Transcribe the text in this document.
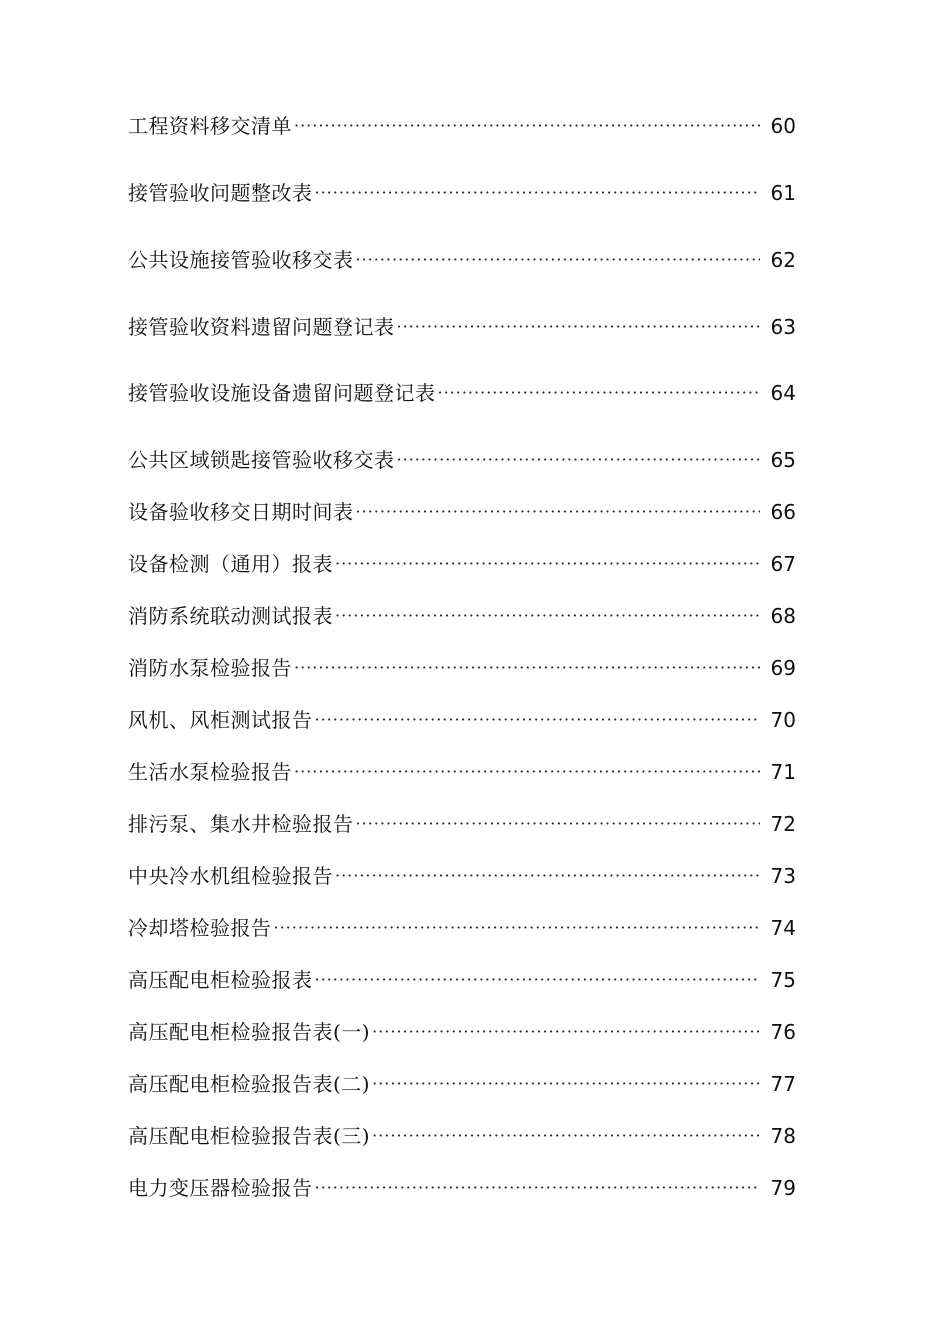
工程资料移交清单 ·····	60
接管验收问题整改表 ·····	61
公共设施接管验收移交表 ·····	62
接管验收资料遗留问题登记表 ·····	63
接管验收设施设备遗留问题登记表 ·····	64
公共区域锁匙接管验收移交表 ·····	65
设备验收移交日期时间表 ·····	66
设备检测（通用）报表 ·····	67
消防系统联动测试报表 ·····	68
消防水泵检验报告 ·····	69
风机、风柜测试报告 ·····	70
生活水泵检验报告 ·····	71
排污泵、集水井检验报告 ·····	72
中央冷水机组检验报告 ·····	73
冷却塔检验报告 ·····	74
高压配电柜检验报表 ·····	75
高压配电柜检验报告表(一) ·····	76
高压配电柜检验报告表(二) ·····	77
高压配电柜检验报告表(三) ·····	78
电力变压器检验报告 ·····	79
